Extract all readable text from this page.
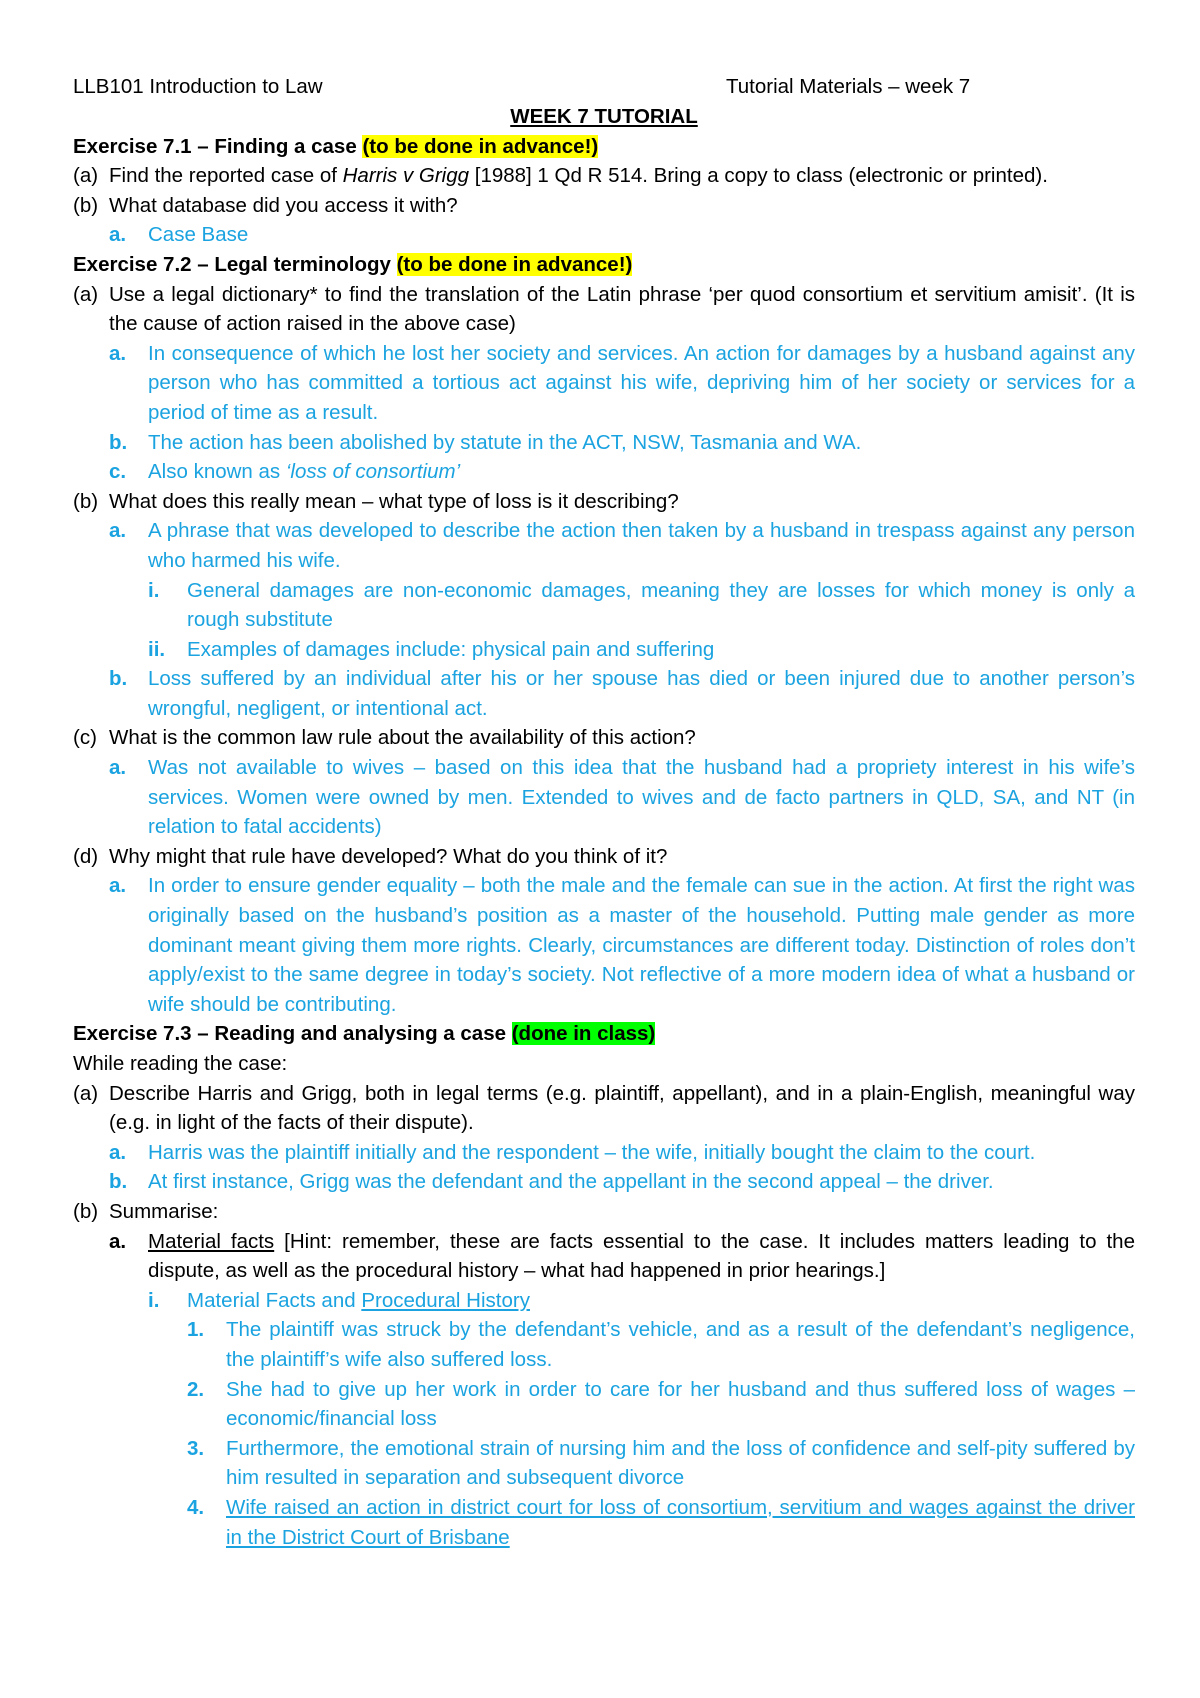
LLB101 Introduction to Law	Tutorial Materials – week 7
WEEK 7 TUTORIAL
Exercise 7.1 – Finding a case (to be done in advance!)
(a) Find the reported case of Harris v Grigg [1988] 1 Qd R 514. Bring a copy to class (electronic or printed).
(b) What database did you access it with?
a.	Case Base
Exercise 7.2 – Legal terminology (to be done in advance!)
(a) Use a legal dictionary* to find the translation of the Latin phrase ‘per quod consortium et servitium amisit’. (It is the cause of action raised in the above case)
a.	In consequence of which he lost her society and services. An action for damages by a husband against any person who has committed a tortious act against his wife, depriving him of her society or services for a period of time as a result.
b.	The action has been abolished by statute in the ACT, NSW, Tasmania and WA.
c.	Also known as ‘loss of consortium’
(b) What does this really mean – what type of loss is it describing?
a.	A phrase that was developed to describe the action then taken by a husband in trespass against any person who harmed his wife.
i.	General damages are non-economic damages, meaning they are losses for which money is only a rough substitute
ii.	Examples of damages include: physical pain and suffering
b.	Loss suffered by an individual after his or her spouse has died or been injured due to another person’s wrongful, negligent, or intentional act.
(c) What is the common law rule about the availability of this action?
a.	Was not available to wives – based on this idea that the husband had a propriety interest in his wife’s services. Women were owned by men. Extended to wives and de facto partners in QLD, SA, and NT (in relation to fatal accidents)
(d) Why might that rule have developed? What do you think of it?
a.	In order to ensure gender equality – both the male and the female can sue in the action. At first the right was originally based on the husband’s position as a master of the household. Putting male gender as more dominant meant giving them more rights. Clearly, circumstances are different today. Distinction of roles don’t apply/exist to the same degree in today’s society. Not reflective of a more modern idea of what a husband or wife should be contributing.
Exercise 7.3 – Reading and analysing a case (done in class)
While reading the case:
(a) Describe Harris and Grigg, both in legal terms (e.g. plaintiff, appellant), and in a plain-English, meaningful way (e.g. in light of the facts of their dispute).
a.	Harris was the plaintiff initially and the respondent – the wife, initially bought the claim to the court.
b.	At first instance, Grigg was the defendant and the appellant in the second appeal – the driver.
(b) Summarise:
a.	Material facts [Hint: remember, these are facts essential to the case. It includes matters leading to the dispute, as well as the procedural history – what had happened in prior hearings.]
i.	Material Facts and Procedural History
1.	The plaintiff was struck by the defendant’s vehicle, and as a result of the defendant’s negligence, the plaintiff’s wife also suffered loss.
2.	She had to give up her work in order to care for her husband and thus suffered loss of wages – economic/financial loss
3.	Furthermore, the emotional strain of nursing him and the loss of confidence and self-pity suffered by him resulted in separation and subsequent divorce
4.	Wife raised an action in district court for loss of consortium, servitium and wages against the driver in the District Court of Brisbane
